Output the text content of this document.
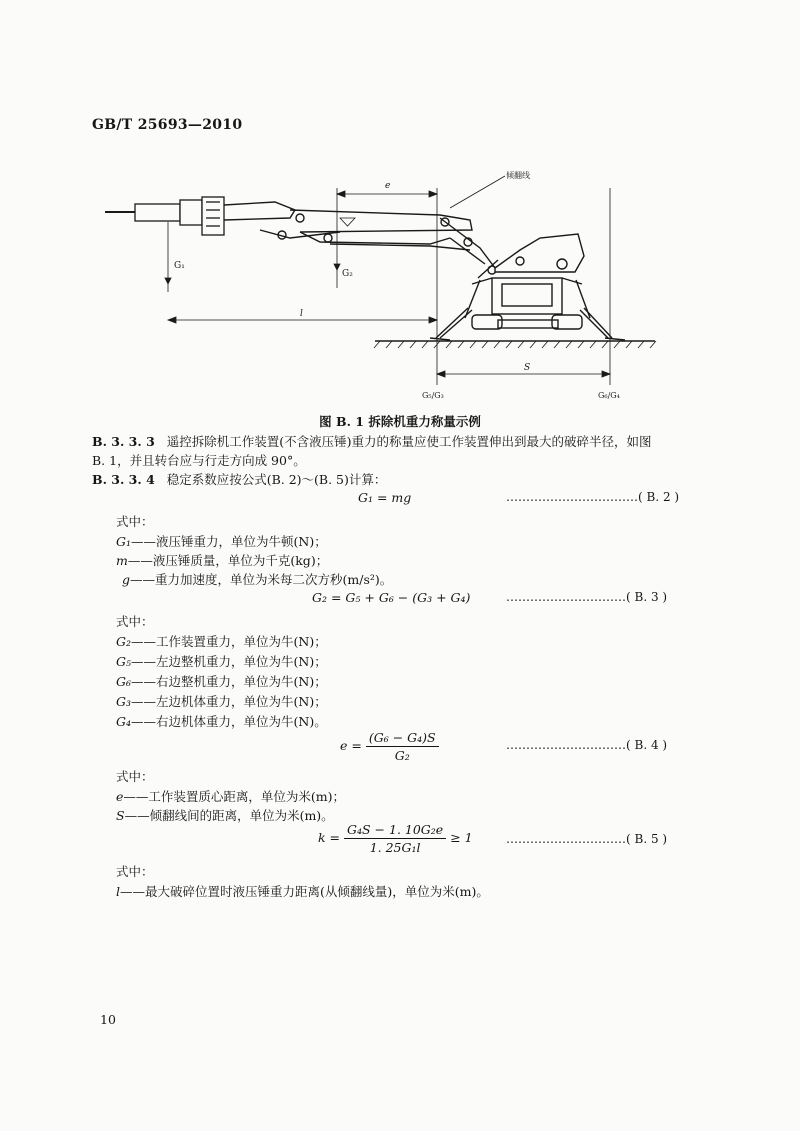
GB/T 25693—2010
e
倾翻线
G₁
G₂
l
S
G₅/G₃	G₆/G₄
图 B. 1 拆除机重力称量示例
B. 3. 3. 3 遥控拆除机工作装置(不含液压锤)重力的称量应使工作装置伸出到最大的破碎半径，如图
B. 1，并且转台应与行走方向成 90°。
B. 3. 3. 4 稳定系数应按公式(B. 2)～(B. 5)计算：
G₁ = mg	……………………………( B. 2 )
式中：
G₁——液压锤重力，单位为牛顿(N)；
m——液压锤质量，单位为千克(kg)；
g——重力加速度，单位为米每二次方秒(m/s²)。
G₂ = G₅ + G₆ − (G₃ + G₄)	…………………………( B. 3 )
式中：
G₂——工作装置重力，单位为牛(N)；
G₅——左边整机重力，单位为牛(N)；
G₆——右边整机重力，单位为牛(N)；
G₃——左边机体重力，单位为牛(N)；
G₄——右边机体重力，单位为牛(N)。
$e = \frac{\text{(G₆ − G₄)S}}{\text{G₂}}$	…………………………( B. 4 )
式中：
e——工作装置质心距离，单位为米(m)；
S——倾翻线间的距离，单位为米(m)。
$k = \frac{\text{G₄S − 1. 10G₂e}}{\text{1. 25G₁l}} \ge 1$	…………………………( B. 5 )
式中：
l——最大破碎位置时液压锤重力距离(从倾翻线量)，单位为米(m)。
10
